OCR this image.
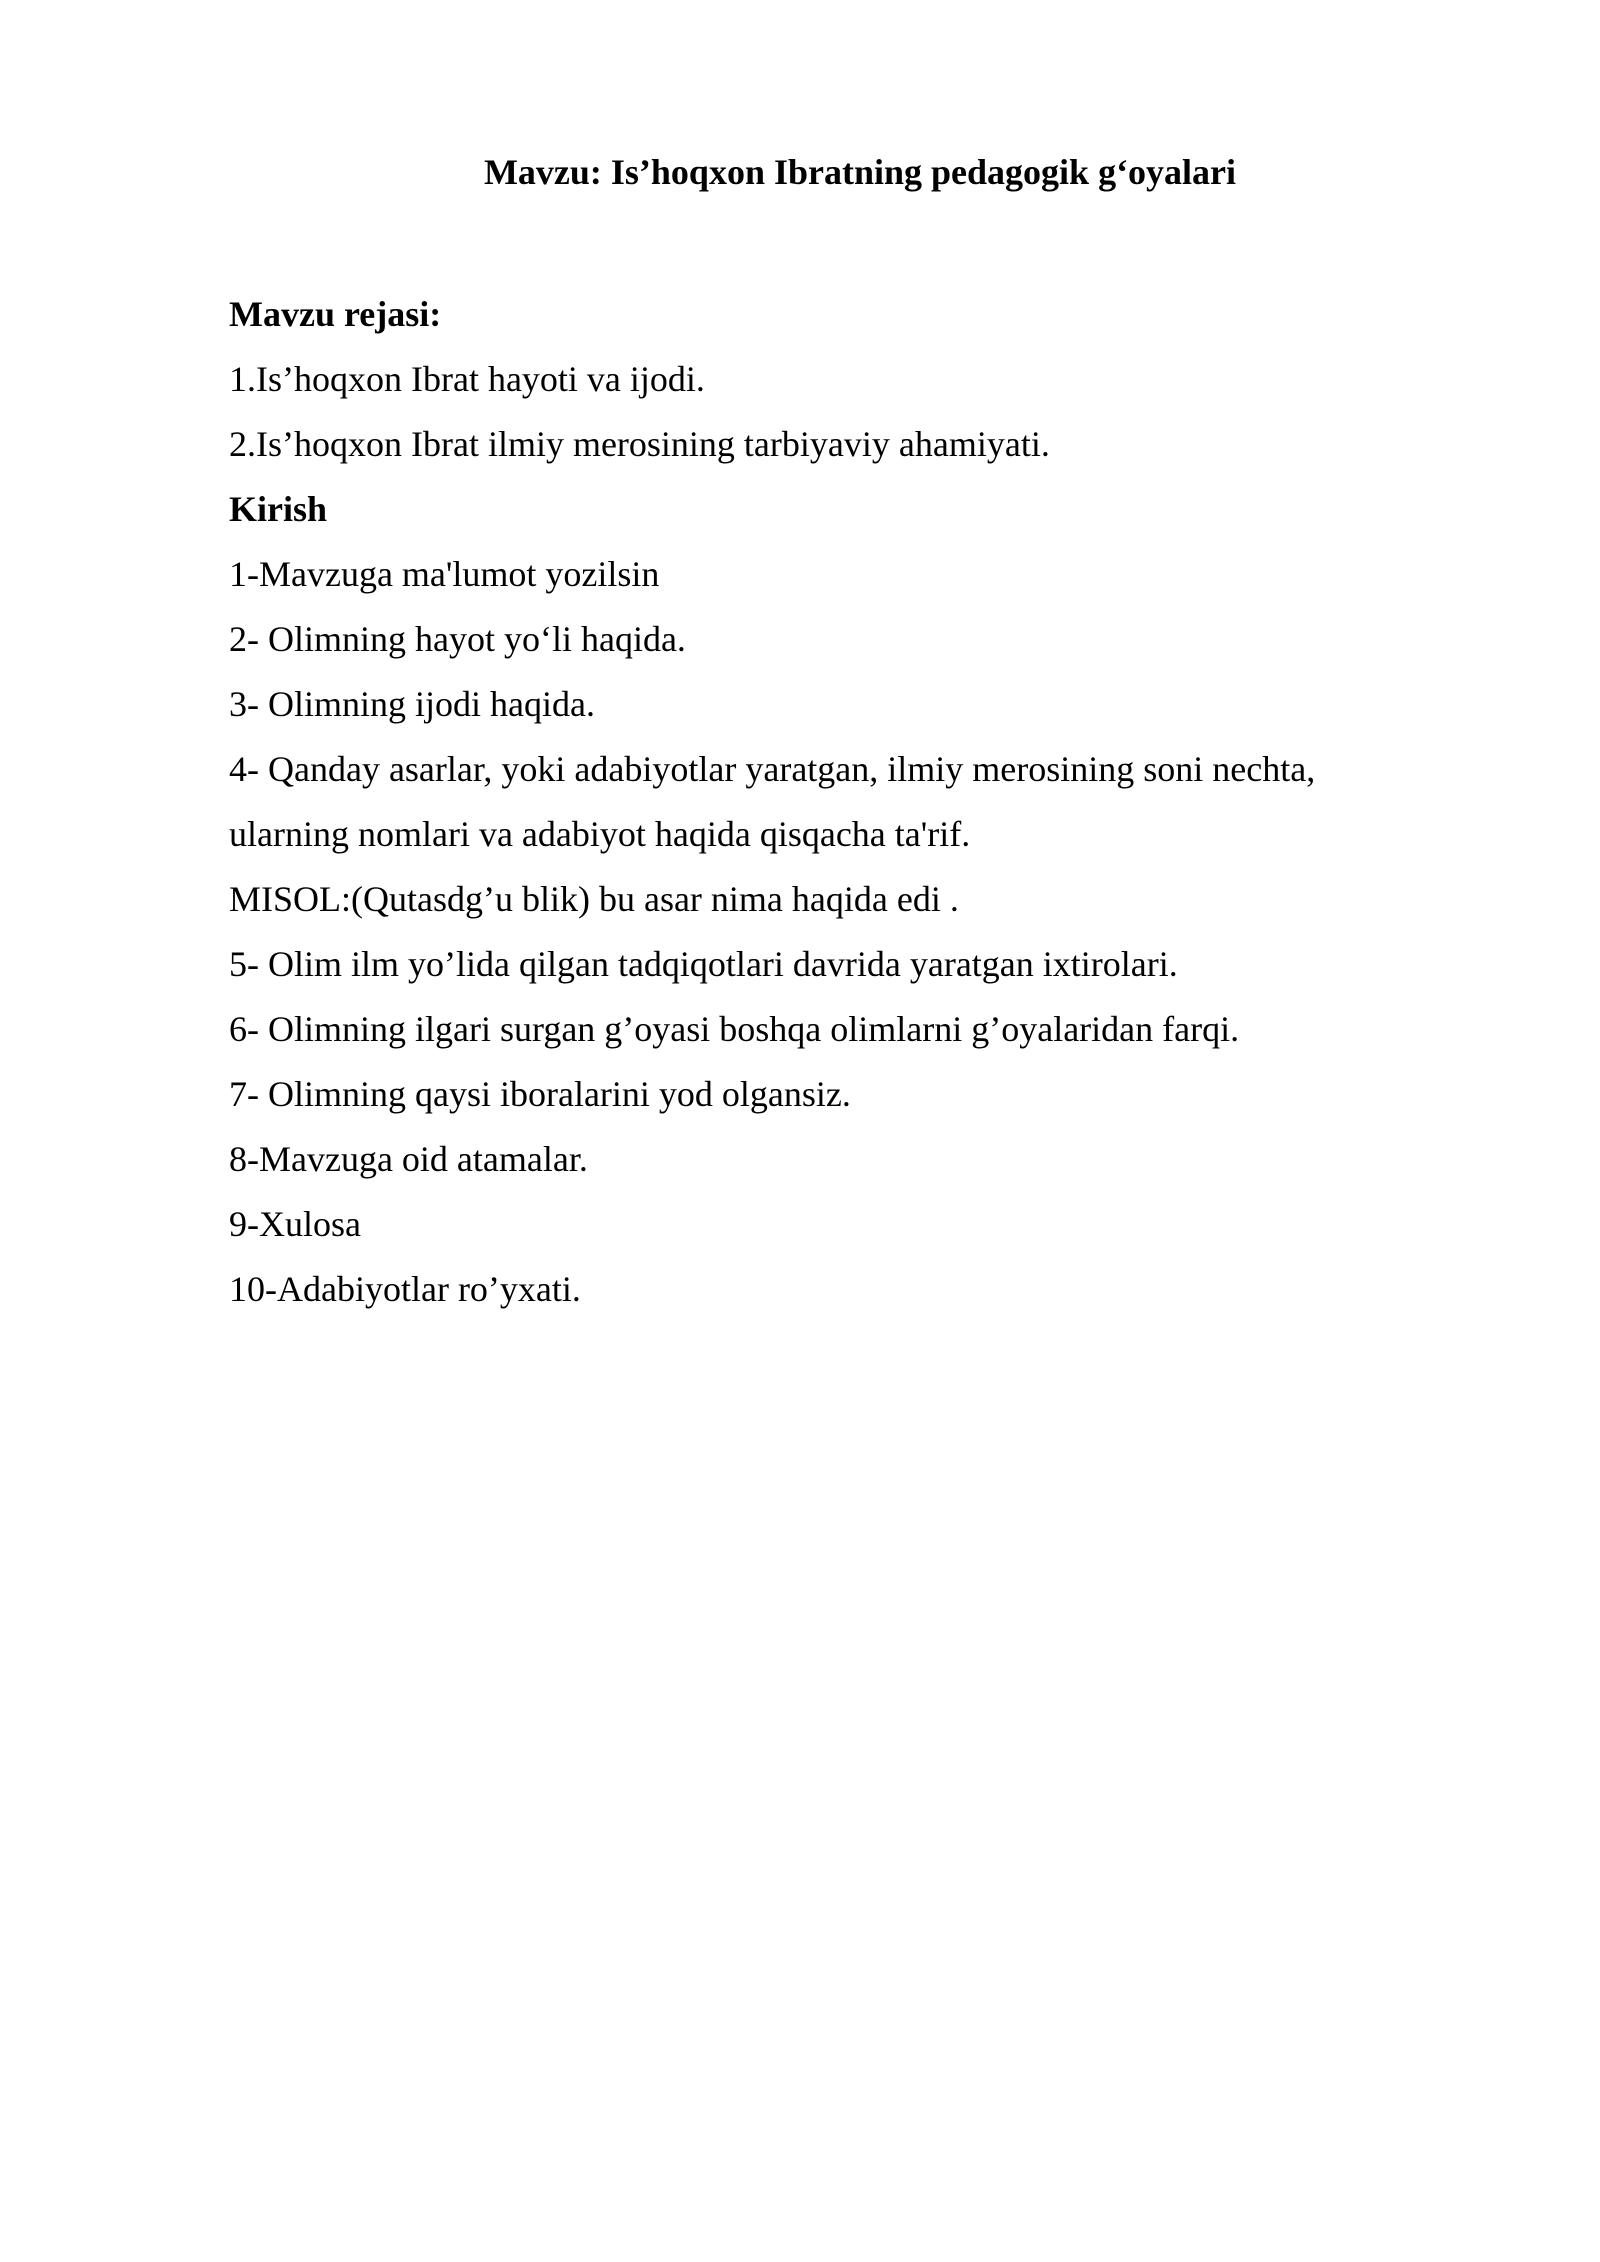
Mavzu: Is’hoqxon Ibratning pedagogik g‘oyalari
Mavzu rejasi:
1.Is’hoqxon Ibrat hayoti va ijodi.
2.Is’hoqxon Ibrat ilmiy merosining tarbiyaviy ahamiyati.
Kirish
1-Mavzuga ma'lumot yozilsin
2- Olimning hayot yo‘li haqida.
3- Olimning ijodi haqida.
4- Qanday asarlar, yoki adabiyotlar yaratgan, ilmiy merosining soni nechta,
ularning nomlari va adabiyot haqida qisqacha ta'rif.
MISOL:(Qutasdg’u blik) bu asar nima haqida edi .
5- Olim ilm yo’lida qilgan tadqiqotlari davrida yaratgan ixtirolari.
6- Olimning ilgari surgan g’oyasi boshqa olimlarni g’oyalaridan farqi.
7- Olimning qaysi iboralarini yod olgansiz.
8-Mavzuga oid atamalar.
9-Xulosa
10-Adabiyotlar ro’yxati.
